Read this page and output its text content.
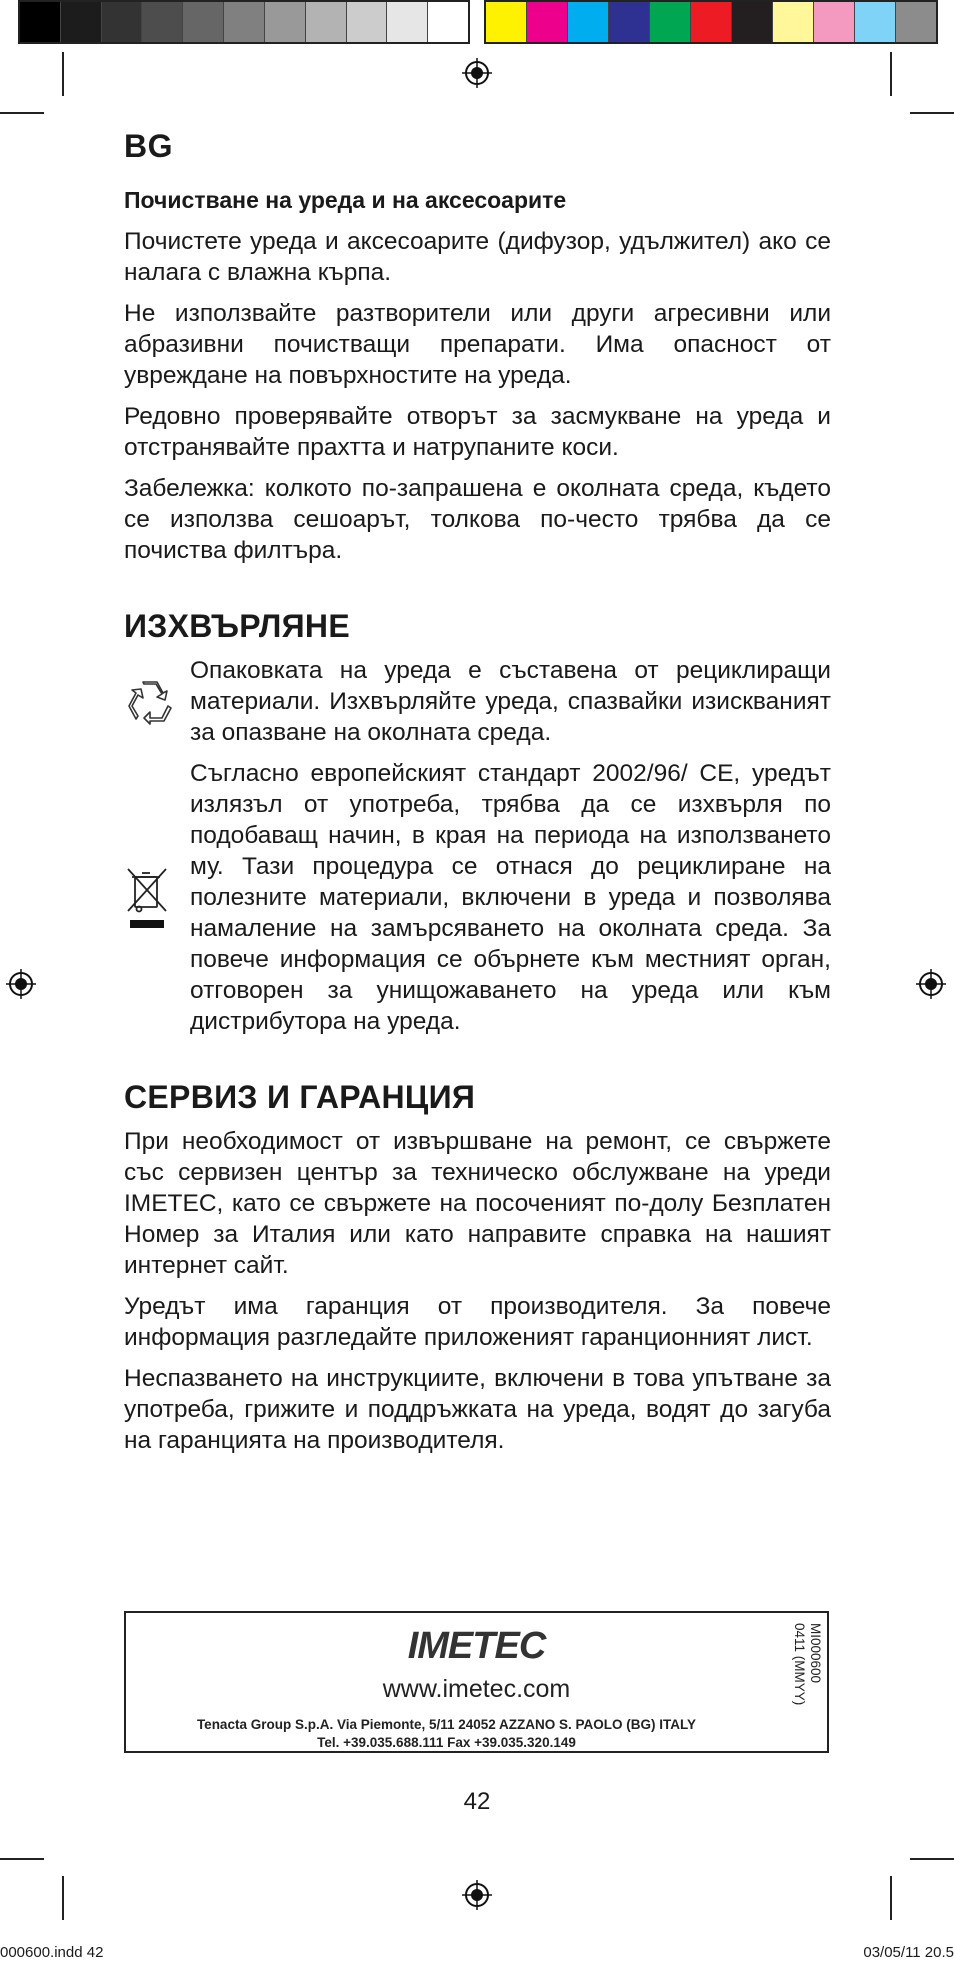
BG
Почистване на уреда и на аксесоарите

Почистете уреда и аксесоарите (дифузор, удължител) ако се налага с влажна кърпа.

Не използвайте разтворители или други агресивни или абразивни почистващи препарати. Има опасност от увреждане на повърхностите на уреда.

Редовно проверявайте отворът за засмукване на уреда и отстранявайте прахтта и натрупаните коси.

Забележка: колкото по-запрашена е околната среда, където се използва сешоарът, толкова по-често трябва да се почиства филтъра.

ИЗХВЪРЛЯНЕ

Опаковката на уреда е съставена от рециклиращи материали. Изхвърляйте уреда, спазвайки изискваният за опазване на околната среда.

Съгласно европейският стандарт 2002/96/ CE, уредът излязъл от употреба, трябва да се изхвърля по подобаващ начин, в края на периода на използването му. Тази процедура се отнася до рециклиране на полезните материали, включени в уреда и позволява намаление на замърсяването на околната среда. За повече информация се обърнете към местният орган, отговорен за унищожаването на уреда или към дистрибутора на уреда.

СЕРВИЗ И ГАРАНЦИЯ

При необходимост от извършване на ремонт, се свържете със сервизен център за техническо обслужване на уреди IMETEC, като се свържете на посоченият по-долу Безплатен Номер за Италия или като направите справка на нашият интернет сайт.

Уредът има гаранция от производителя. За повече информация разгледайте приложеният гаранционният лист.

Неспазването на инструкциите, включени в това упътване за употреба, грижите и поддръжката на уреда, водят до загуба на гаранцията на производителя.

IMETEC
www.imetec.com
Tenacta Group S.p.A. Via Piemonte, 5/11 24052 AZZANO S. PAOLO (BG) ITALY
Tel. +39.035.688.111 Fax +39.035.320.149
MI000600
0411 (MMYY)
42
000600.indd 42	03/05/11 20.5
